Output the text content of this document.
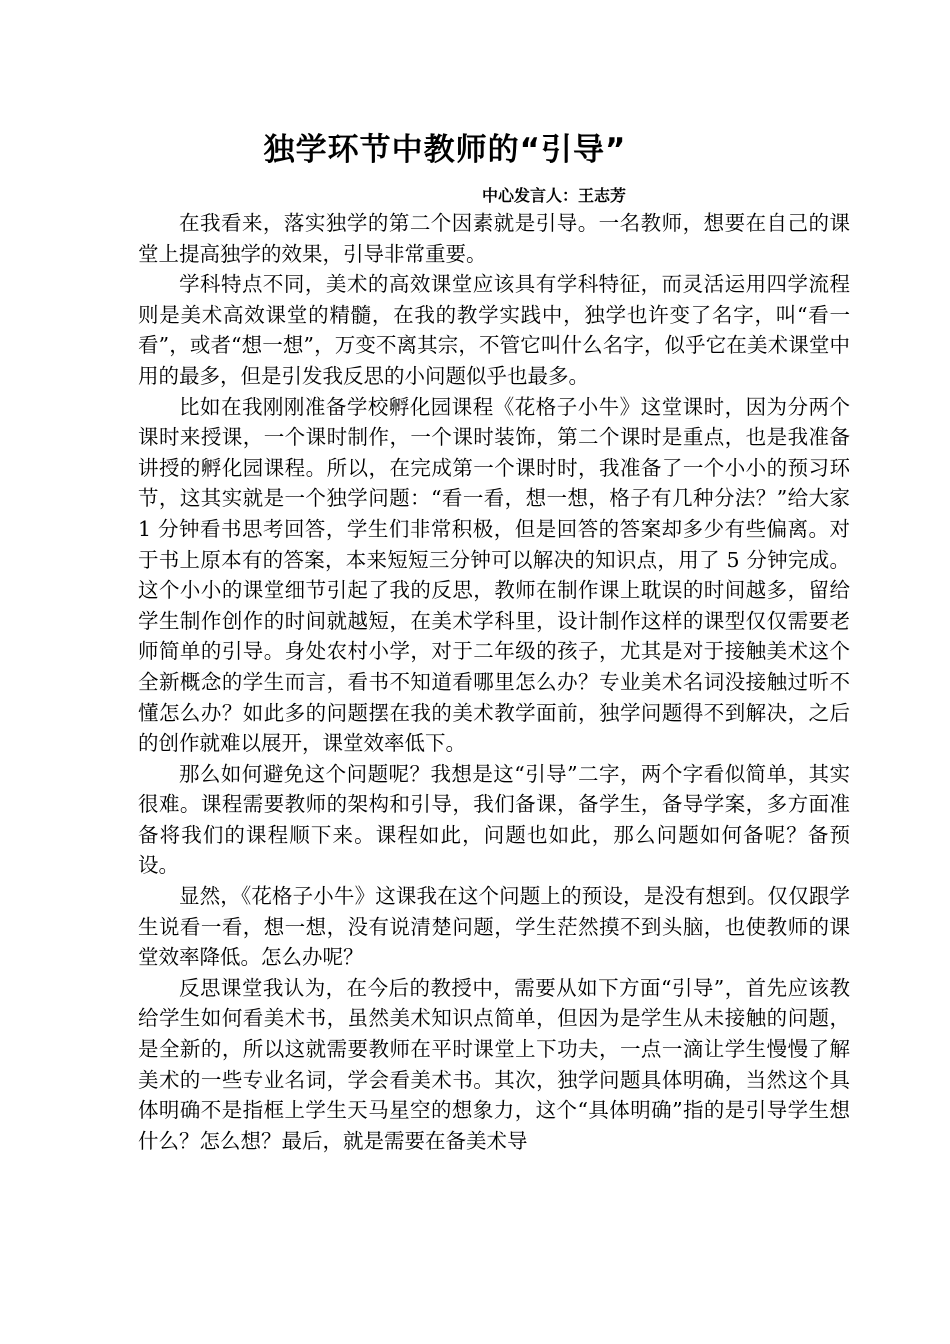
独学环节中教师的“引导”

中心发言人：王志芳

在我看来，落实独学的第二个因素就是引导。一名教师，想要在自己的课堂上提高独学的效果，引导非常重要。

学科特点不同，美术的高效课堂应该具有学科特征，而灵活运用四学流程则是美术高效课堂的精髓，在我的教学实践中，独学也许变了名字，叫“看一看”，或者“想一想”，万变不离其宗，不管它叫什么名字，似乎它在美术课堂中用的最多，但是引发我反思的小问题似乎也最多。

比如在我刚刚准备学校孵化园课程《花格子小牛》这堂课时，因为分两个课时来授课，一个课时制作，一个课时装饰，第二个课时是重点，也是我准备讲授的孵化园课程。所以，在完成第一个课时时，我准备了一个小小的预习环节，这其实就是一个独学问题：“看一看，想一想，格子有几种分法？”给大家 1 分钟看书思考回答，学生们非常积极，但是回答的答案却多少有些偏离。对于书上原本有的答案，本来短短三分钟可以解决的知识点，用了 5 分钟完成。这个小小的课堂细节引起了我的反思，教师在制作课上耽误的时间越多，留给学生制作创作的时间就越短，在美术学科里，设计制作这样的课型仅仅需要老师简单的引导。身处农村小学，对于二年级的孩子，尤其是对于接触美术这个全新概念的学生而言，看书不知道看哪里怎么办？专业美术名词没接触过听不懂怎么办？如此多的问题摆在我的美术教学面前，独学问题得不到解决，之后的创作就难以展开，课堂效率低下。

那么如何避免这个问题呢？我想是这“引导”二字，两个字看似简单，其实很难。课程需要教师的架构和引导，我们备课，备学生，备导学案，多方面准备将我们的课程顺下来。课程如此，问题也如此，那么问题如何备呢？备预设。

显然，《花格子小牛》这课我在这个问题上的预设，是没有想到。仅仅跟学生说看一看，想一想，没有说清楚问题，学生茫然摸不到头脑，也使教师的课堂效率降低。怎么办呢？

反思课堂我认为，在今后的教授中，需要从如下方面“引导”，首先应该教给学生如何看美术书，虽然美术知识点简单，但因为是学生从未接触的问题，是全新的，所以这就需要教师在平时课堂上下功夫，一点一滴让学生慢慢了解美术的一些专业名词，学会看美术书。其次，独学问题具体明确，当然这个具体明确不是指框上学生天马星空的想象力，这个“具体明确”指的是引导学生想什么？怎么想？最后，就是需要在备美术导
